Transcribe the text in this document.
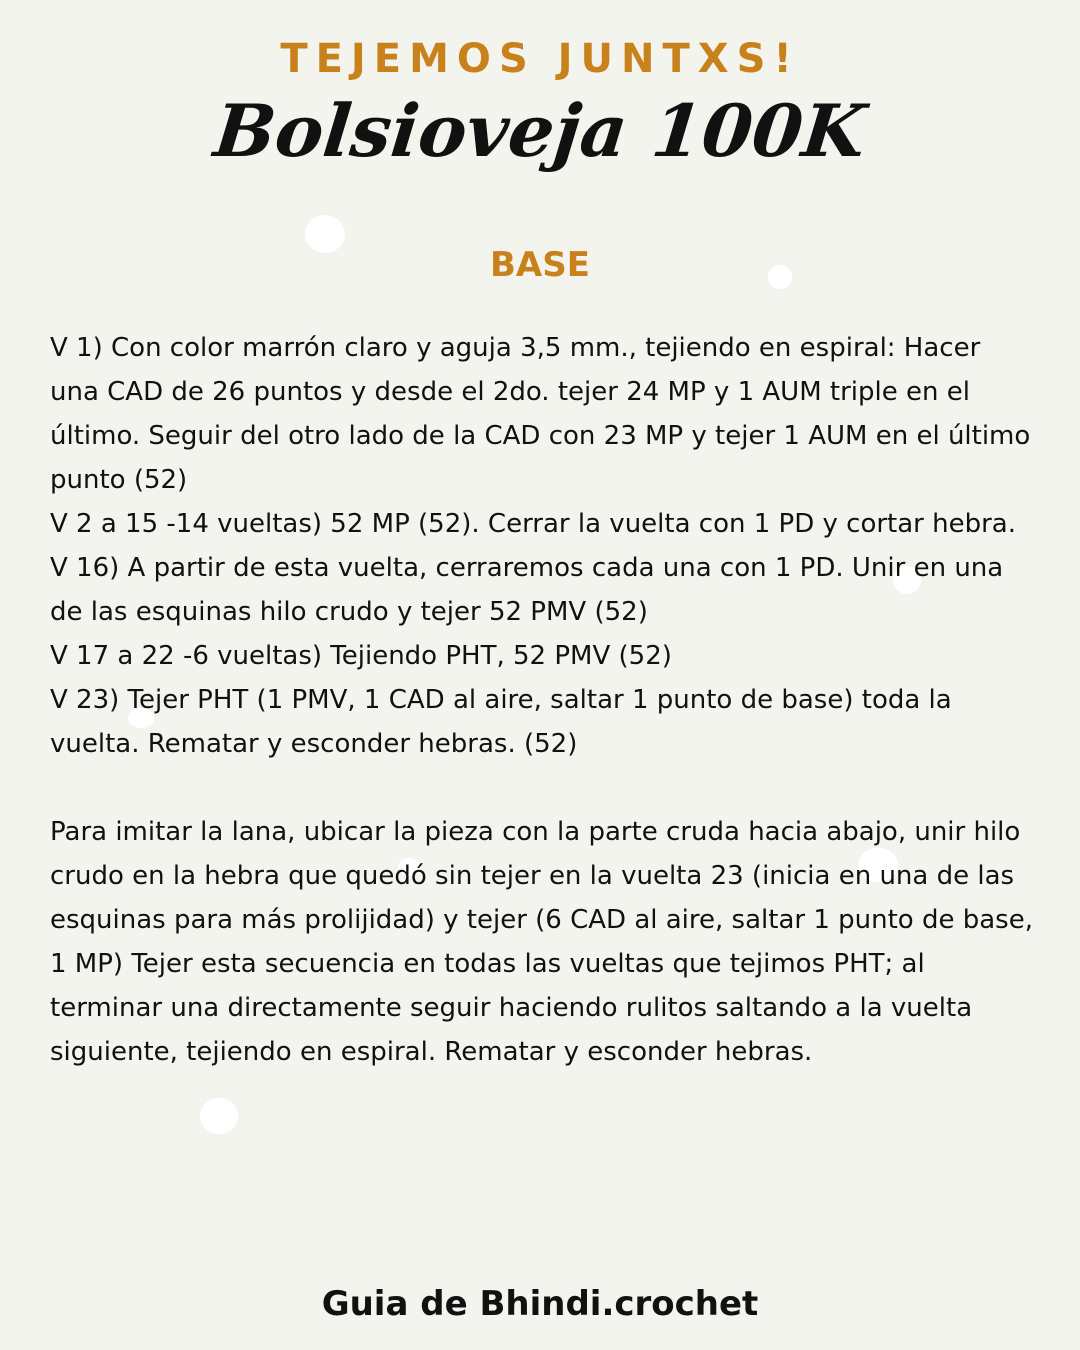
TEJEMOS JUNTXS!
Bolsioveja 100K
BASE

V 1) Con color marrón claro y aguja 3,5 mm., tejiendo en espiral: Hacer una CAD de 26 puntos y desde el 2do. tejer 24 MP y 1 AUM triple en el último. Seguir del otro lado de la CAD con 23 MP y tejer 1 AUM en el último punto (52)

V 2 a 15 -14 vueltas) 52 MP (52). Cerrar la vuelta con 1 PD y cortar hebra.

V 16) A partir de esta vuelta, cerraremos cada una con 1 PD. Unir en una de las esquinas hilo crudo y tejer 52 PMV (52)

V 17 a 22 -6 vueltas) Tejiendo PHT, 52 PMV (52)

V 23) Tejer PHT (1 PMV, 1 CAD al aire, saltar 1 punto de base) toda la vuelta. Rematar y esconder hebras. (52)

Para imitar la lana, ubicar la pieza con la parte cruda hacia abajo, unir hilo crudo en la hebra que quedó sin tejer en la vuelta 23 (inicia en una de las esquinas para más prolijidad) y tejer (6 CAD al aire, saltar 1 punto de base, 1 MP) Tejer esta secuencia en todas las vueltas que tejimos PHT; al terminar una directamente seguir haciendo rulitos saltando a la vuelta siguiente, tejiendo en espiral. Rematar y esconder hebras.

Guia de Bhindi.crochet
